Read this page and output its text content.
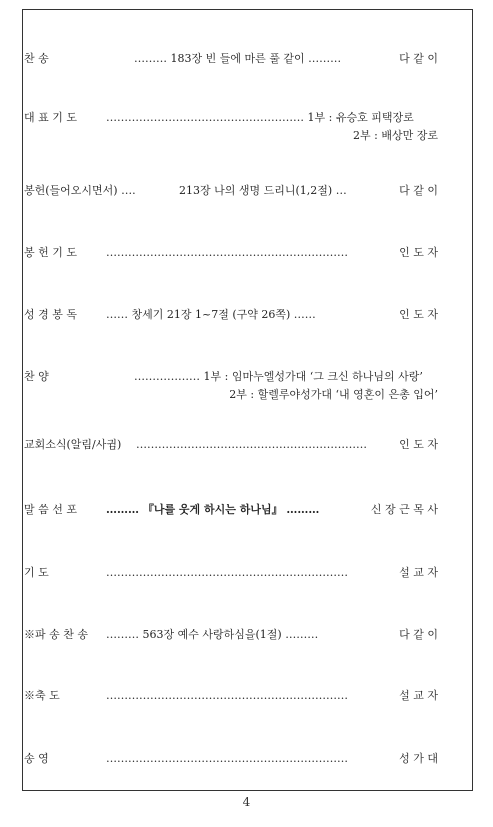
찬 송	……… 183장 빈 들에 마른 풀 같이 ………	다 같 이
대 표 기 도	……………………………………………… 1부 : 유승호 피택장로
2부 : 배상만 장로
봉헌(들어오시면서) ….	213장 나의 생명 드리니(1,2절) …	다 같 이
봉 헌 기 도	…………………………………………………………	인 도 자
성 경 봉 독	…… 창세기 21장 1~7절 (구약 26쪽) ……	인 도 자
찬 양	……………… 1부 : 임마누엘성가대 ‘그 크신 하나님의 사랑’
2부 : 할렐루야성가대 ‘내 영혼이 은총 입어’
교회소식(알림/사귐) ………………………………………………………	인 도 자
말 씀 선 포	……… 『나를 웃게 하시는 하나님』 ………	신 장 근 목 사
기 도	…………………………………………………………	설 교 자
※파 송 찬 송 ……… 563장 예수 사랑하심을(1절) ………	다 같 이
※축 도	…………………………………………………………	설 교 자
송 영	…………………………………………………………	성 가 대
4
